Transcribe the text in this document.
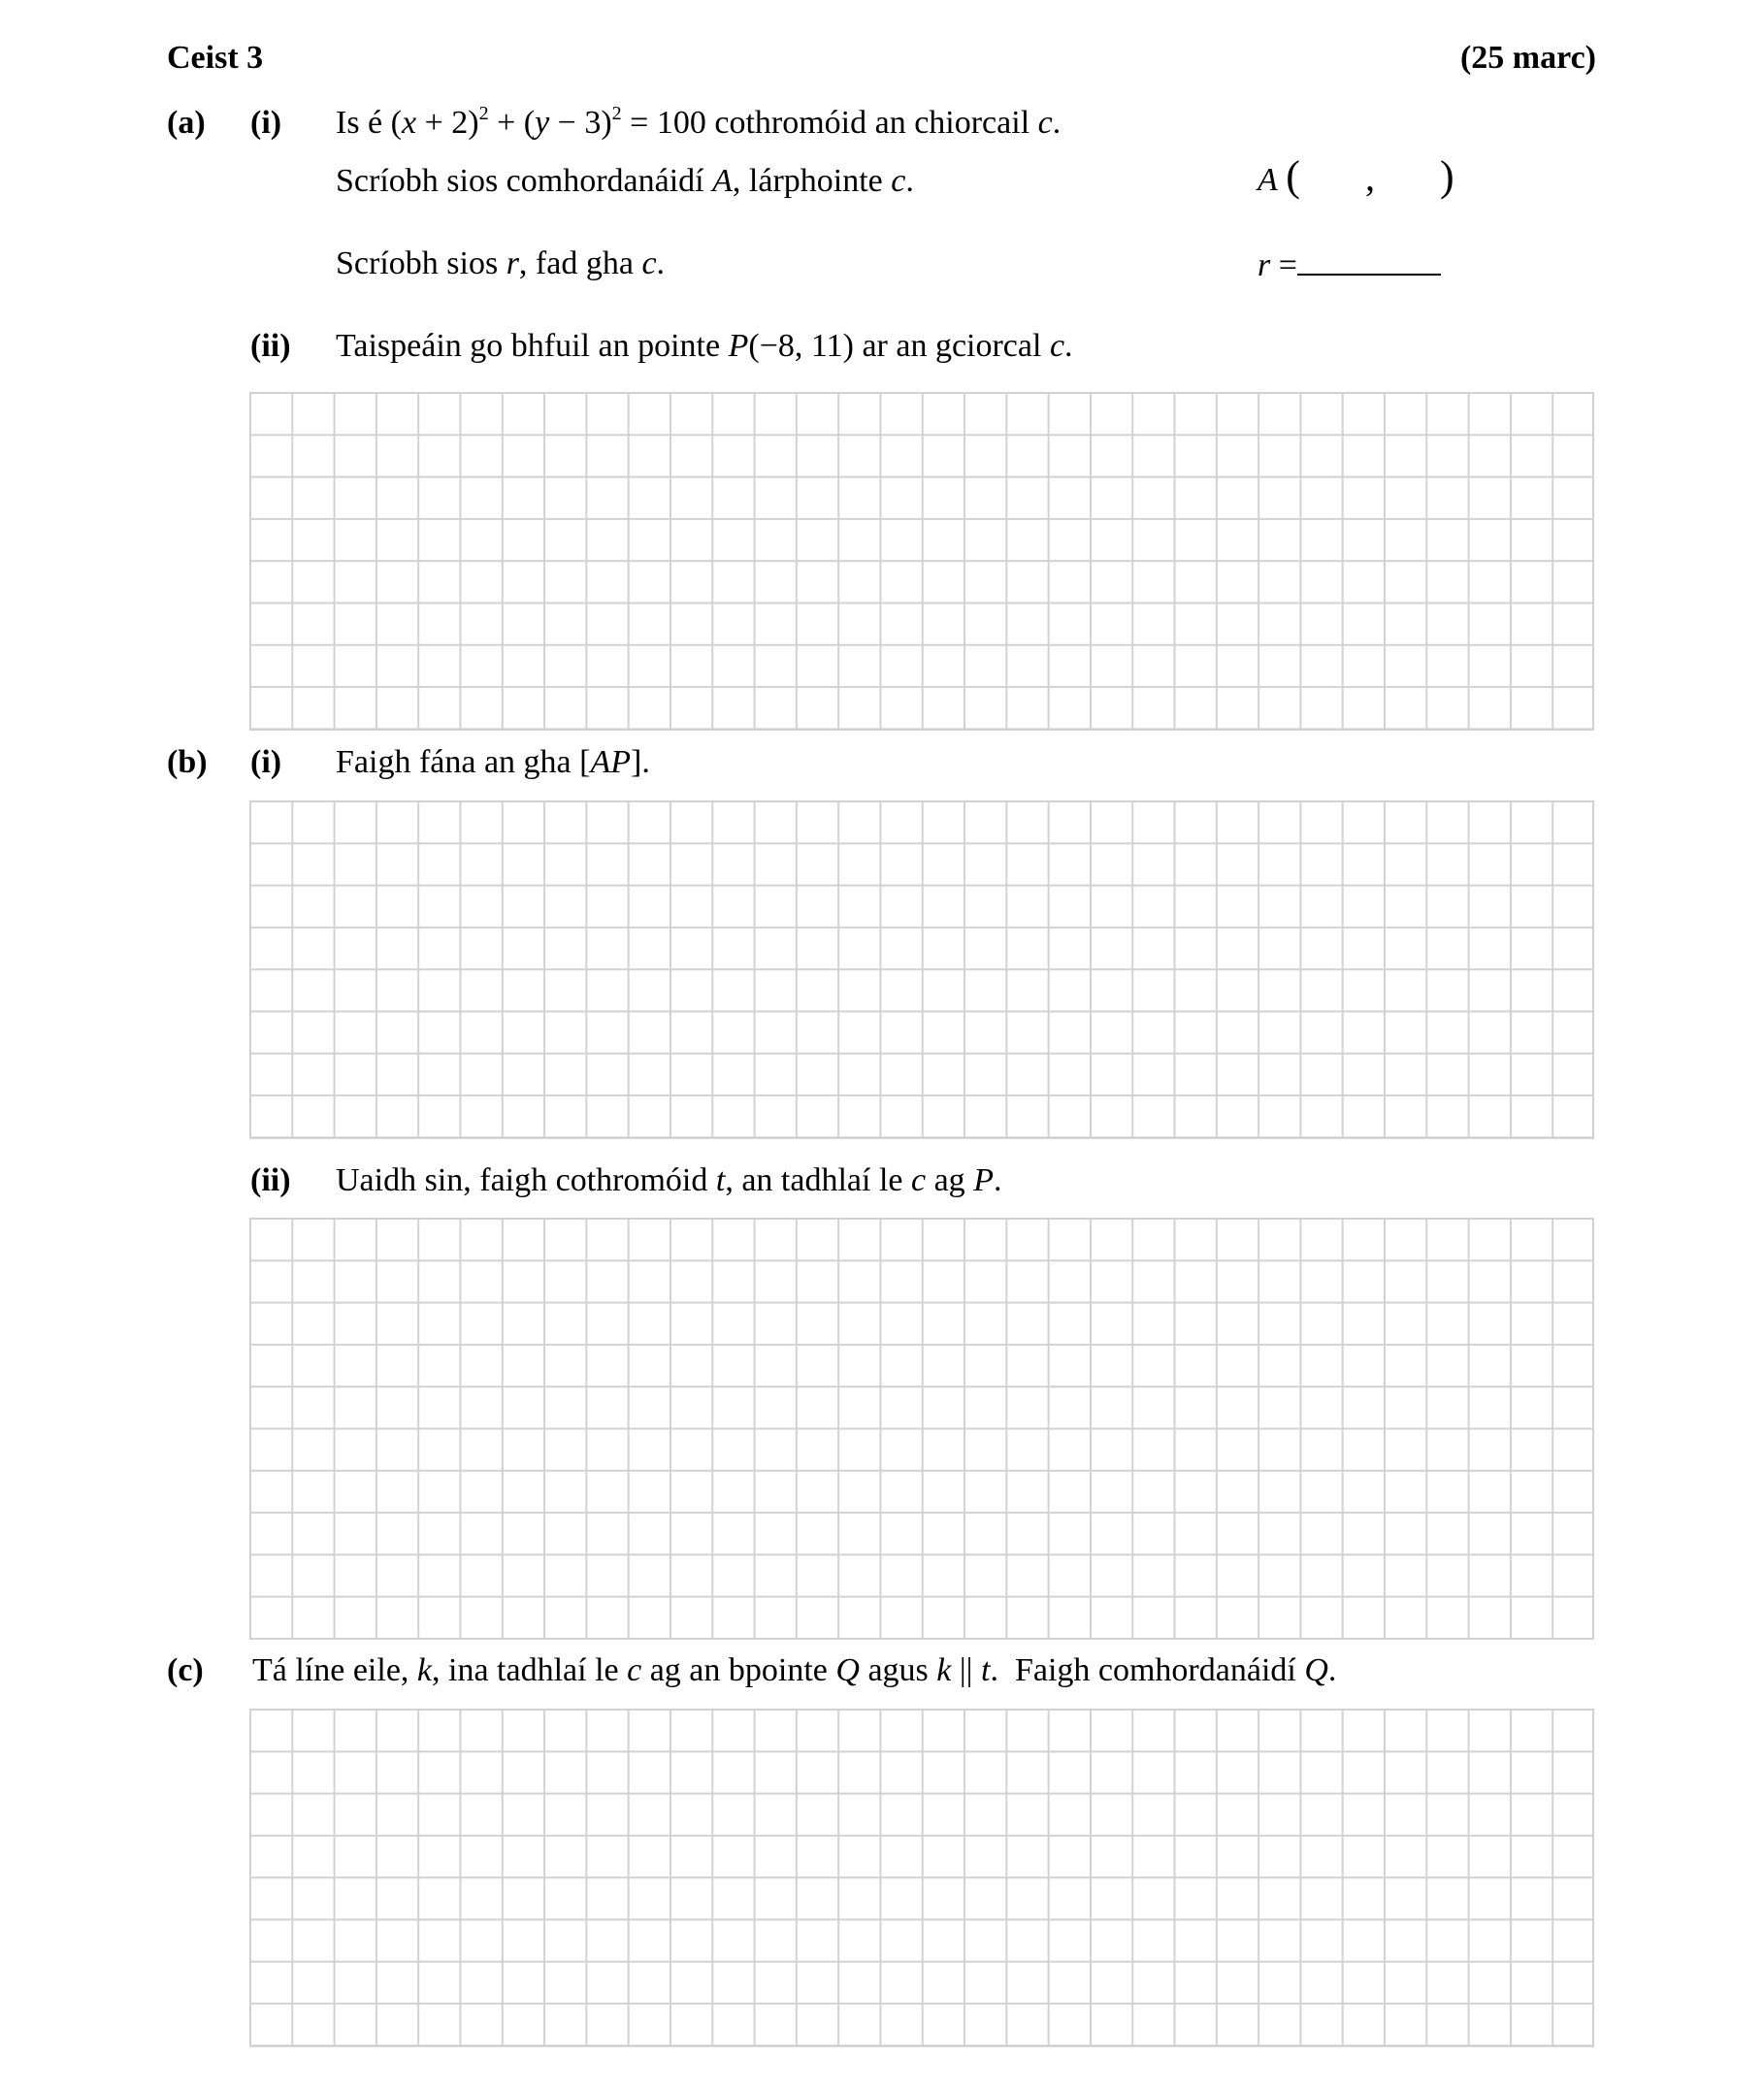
Ceist 3	(25 marc)
(a) (i) Is é $(x + 2)^2 + (y - 3)^2 = 100$ cothromóid an chiorcail c.
Scríobh sios comhordanáidí A, lárphointe c.	A ( , )
Scríobh sios r, fad gha c.	r =
(ii) Taispeáin go bhfuil an pointe P(−8, 11) ar an gciorcal c.
(b) (i) Faigh fána an gha [AP].
(ii) Uaidh sin, faigh cothromóid t, an tadhlaí le c ag P.
(c) Tá líne eile, k, ina tadhlaí le c ag an bpointe Q agus k || t.  Faigh comhordanáidí Q.
